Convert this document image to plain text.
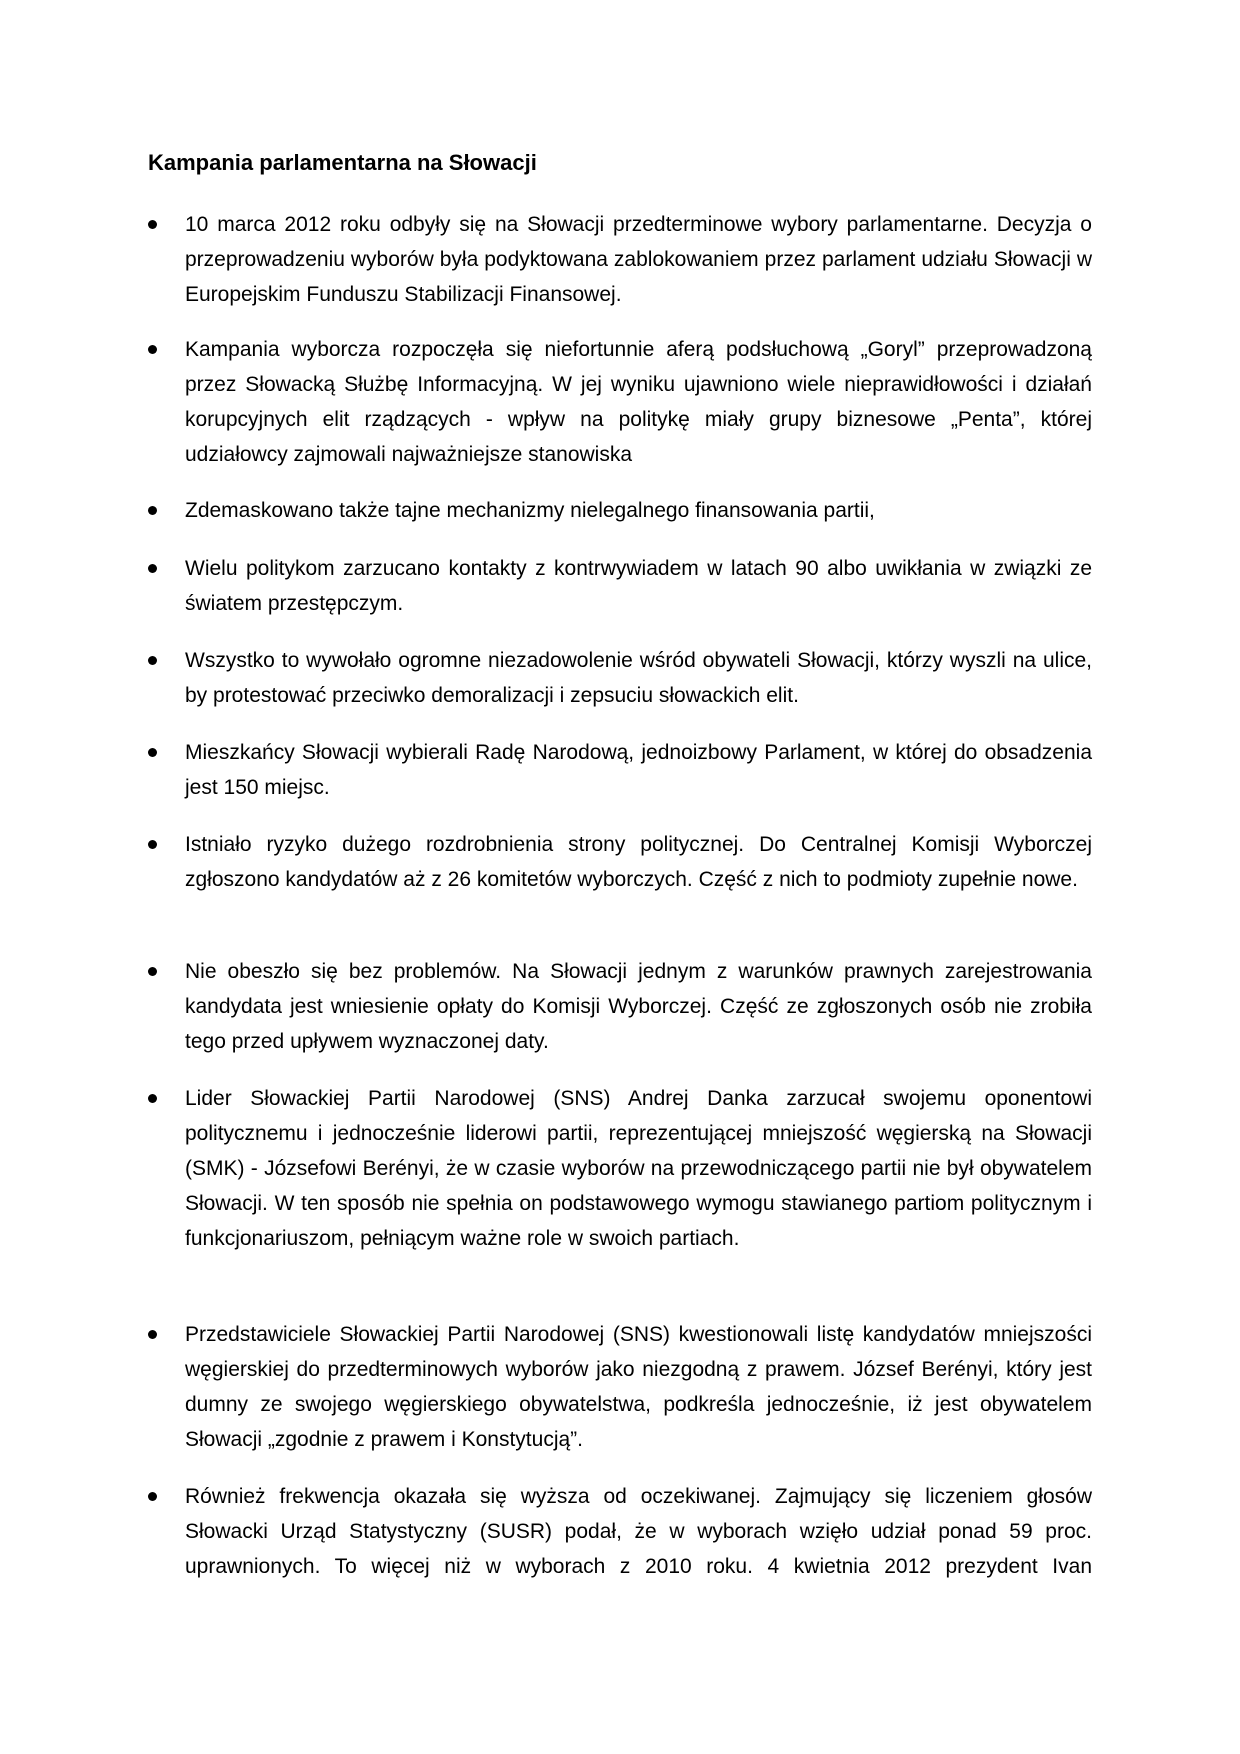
Kampania parlamentarna na Słowacji

10 marca 2012 roku odbyły się na Słowacji przedterminowe wybory parlamentarne. Decyzja o przeprowadzeniu wyborów była podyktowana zablokowaniem przez parlament udziału Słowacji w Europejskim Funduszu Stabilizacji Finansowej.

Kampania wyborcza rozpoczęła się niefortunnie aferą podsłuchową „Goryl” przeprowadzoną przez Słowacką Służbę Informacyjną. W jej wyniku ujawniono wiele nieprawidłowości i działań korupcyjnych elit rządzących - wpływ na politykę miały grupy biznesowe „Penta”, której udziałowcy zajmowali najważniejsze stanowiska

Zdemaskowano także tajne mechanizmy nielegalnego finansowania partii,

Wielu politykom zarzucano kontakty z kontrwywiadem w latach 90 albo uwikłania w związki ze światem przestępczym.

Wszystko to wywołało ogromne niezadowolenie wśród obywateli Słowacji, którzy wyszli na ulice, by protestować przeciwko demoralizacji i zepsuciu słowackich elit.

Mieszkańcy Słowacji wybierali Radę Narodową, jednoizbowy Parlament, w której do obsadzenia jest 150 miejsc.

Istniało ryzyko dużego rozdrobnienia strony politycznej. Do Centralnej Komisji Wyborczej zgłoszono kandydatów aż z 26 komitetów wyborczych. Część z nich to podmioty zupełnie nowe.

Nie obeszło się bez problemów. Na Słowacji jednym z warunków prawnych zarejestrowania kandydata jest wniesienie opłaty do Komisji Wyborczej. Część ze zgłoszonych osób nie zrobiła tego przed upływem wyznaczonej daty.

Lider Słowackiej Partii Narodowej (SNS) Andrej Danka zarzucał swojemu oponentowi politycznemu i jednocześnie liderowi partii, reprezentującej mniejszość węgierską na Słowacji (SMK) - Józsefowi Berényi, że w czasie wyborów na przewodniczącego partii nie był obywatelem Słowacji. W ten sposób nie spełnia on podstawowego wymogu stawianego partiom politycznym i funkcjonariuszom, pełniącym ważne role w swoich partiach.

Przedstawiciele Słowackiej Partii Narodowej (SNS) kwestionowali listę kandydatów mniejszości węgierskiej do przedterminowych wyborów jako niezgodną z prawem. József Berényi, który jest dumny ze swojego węgierskiego obywatelstwa, podkreśla jednocześnie, iż jest obywatelem Słowacji „zgodnie z prawem i Konstytucją”.

Również frekwencja okazała się wyższa od oczekiwanej. Zajmujący się liczeniem głosów Słowacki Urząd Statystyczny (SUSR) podał, że w wyborach wzięło udział ponad 59 proc. uprawnionych. To więcej niż w wyborach z 2010 roku. 4 kwietnia 2012 prezydent Ivan
